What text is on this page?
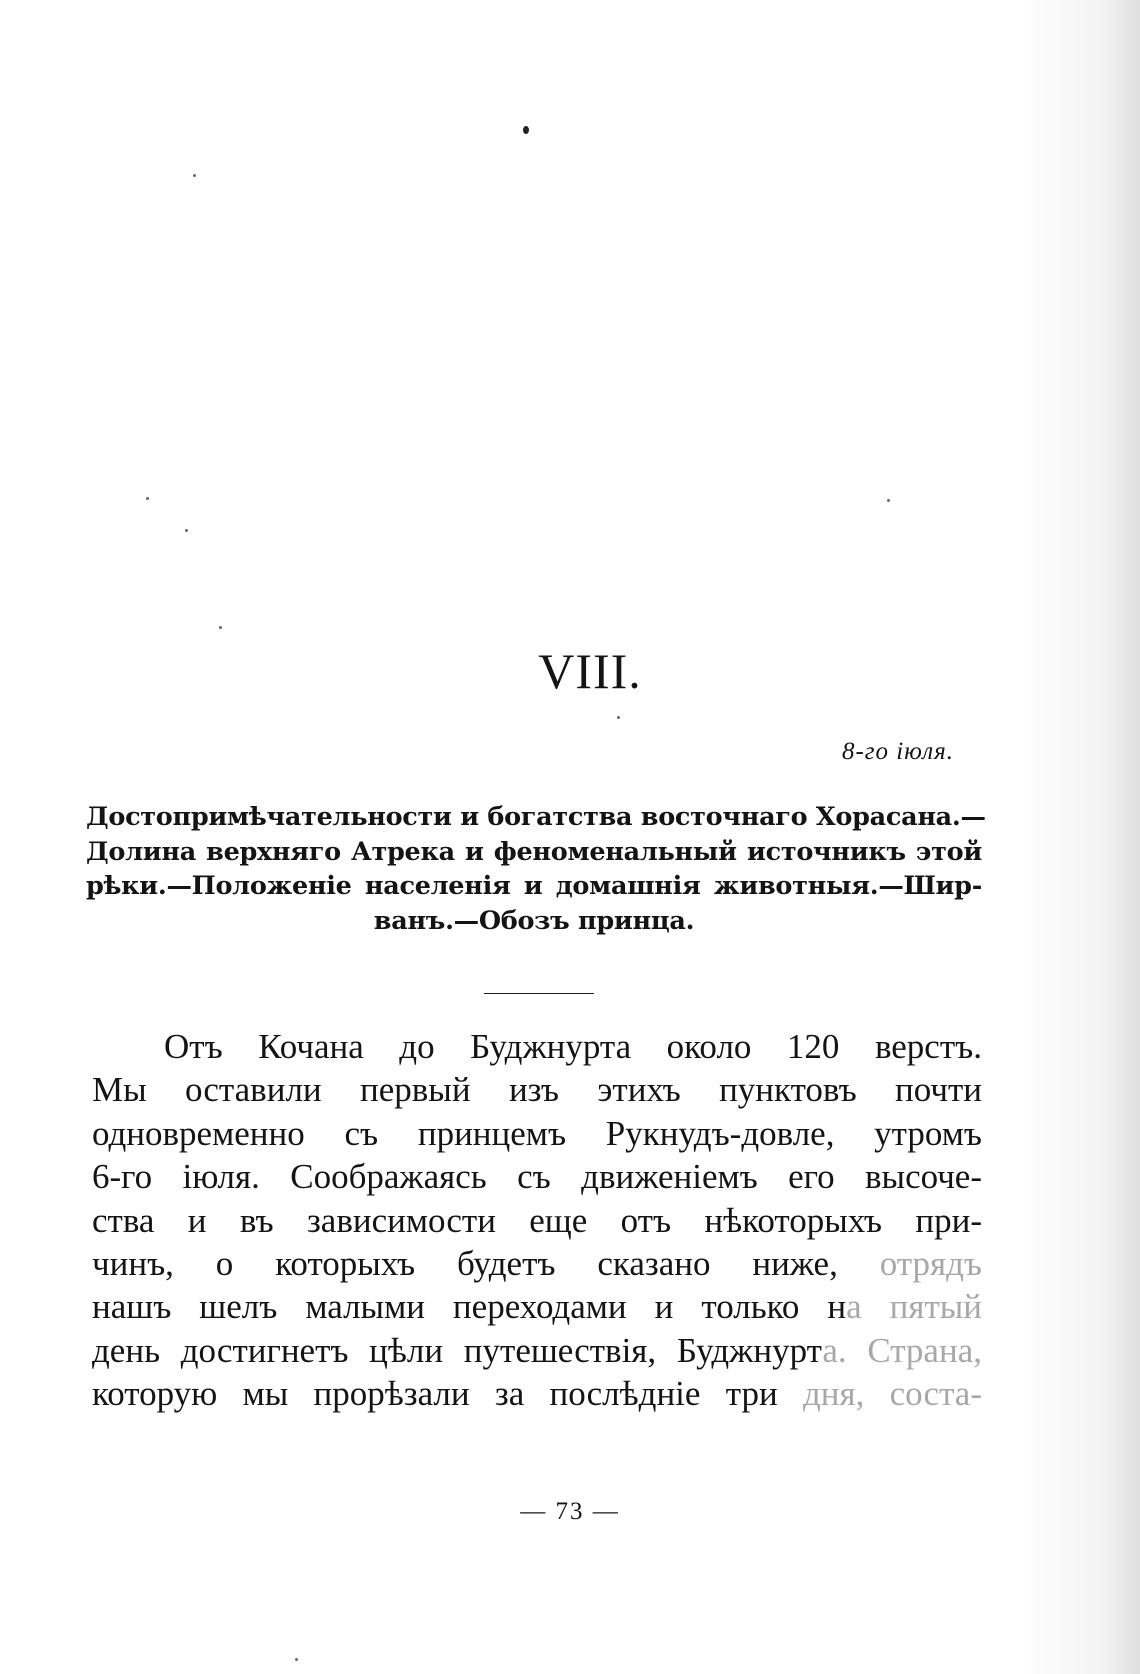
VIII.
8-го іюля.
Достопримѣчательности и богатства восточнаго Хорасана.—
Долина верхняго Атрека и феноменальный источникъ этой
рѣки.—Положеніе населенія и домашнія животныя.—Шир-
ванъ.—Обозъ принца.
Отъ Кочана до Буджнурта около 120 верстъ.
Мы оставили первый изъ этихъ пунктовъ почти
одновременно съ принцемъ Рукнудъ-довле, утромъ
6-го іюля. Соображаясь съ движеніемъ его высоче-
ства и въ зависимости еще отъ нѣкоторыхъ при-
чинъ, о которыхъ будетъ сказано ниже, отрядъ
нашъ шелъ малыми переходами и только на пятый
день достигнетъ цѣли путешествія, Буджнурта. Страна,
которую мы прорѣзали за послѣдніе три дня, соста-
— 73 —
